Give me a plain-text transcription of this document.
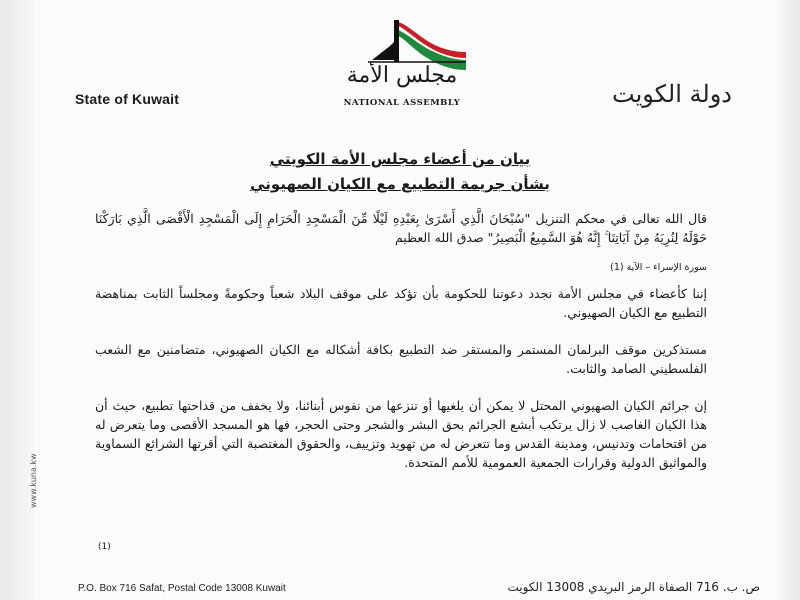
State of Kuwait	دولة الكويت
مجلس الأمة
NATIONAL ASSEMBLY
بيان من أعضاء مجلس الأمة الكويتي
بشأن جريمة التطبيع مع الكيان الصهيوني
قال الله تعالى في محكم التنزيل "سُبْحَانَ الَّذِي أَسْرَىٰ بِعَبْدِهِ لَيْلًا مِّنَ الْمَسْجِدِ الْحَرَامِ إِلَى الْمَسْجِدِ الْأَقْصَى الَّذِي بَارَكْنَا حَوْلَهُ لِنُرِيَهُ مِنْ آيَاتِنَا ۚ إِنَّهُ هُوَ السَّمِيعُ الْبَصِيرُ" صدق الله العظيم
سورة الإسراء – الآية (1)
إننا كأعضاء في مجلس الأمة نجدد دعوتنا للحكومة بأن تؤكد على موقف البلاد شعباً وحكومةً ومجلساً الثابت بمناهضة التطبيع مع الكيان الصهيوني.
مستذكرين موقف البرلمان المستمر والمستقر ضد التطبيع بكافة أشكاله مع الكيان الصهيوني، متضامنين مع الشعب الفلسطيني الصامد والثابت.
إن جرائم الكيان الصهيوني المحتل لا يمكن أن يلغيها أو تنزعها من نفوس أبنائنا، ولا يخفف من قداحتها تطبيع، حيث أن هذا الكيان الغاصب لا زال يرتكب أبشع الجرائم بحق البشر والشجر وحتى الحجر، فها هو المسجد الأقصى وما يتعرض له من اقتحامات وتدنيس، ومدينة القدس وما تتعرض له من تهويد وتزييف، والحقوق المغتصبة التي أقرتها الشرائع السماوية والمواثيق الدولية وقرارات الجمعية العمومية للأمم المتحدة.
(1)
www.kuna.kw
P.O. Box 716 Safat, Postal Code 13008 Kuwait	ص. ب. 716 الصفاة الرمز البريدي 13008 الكويت
